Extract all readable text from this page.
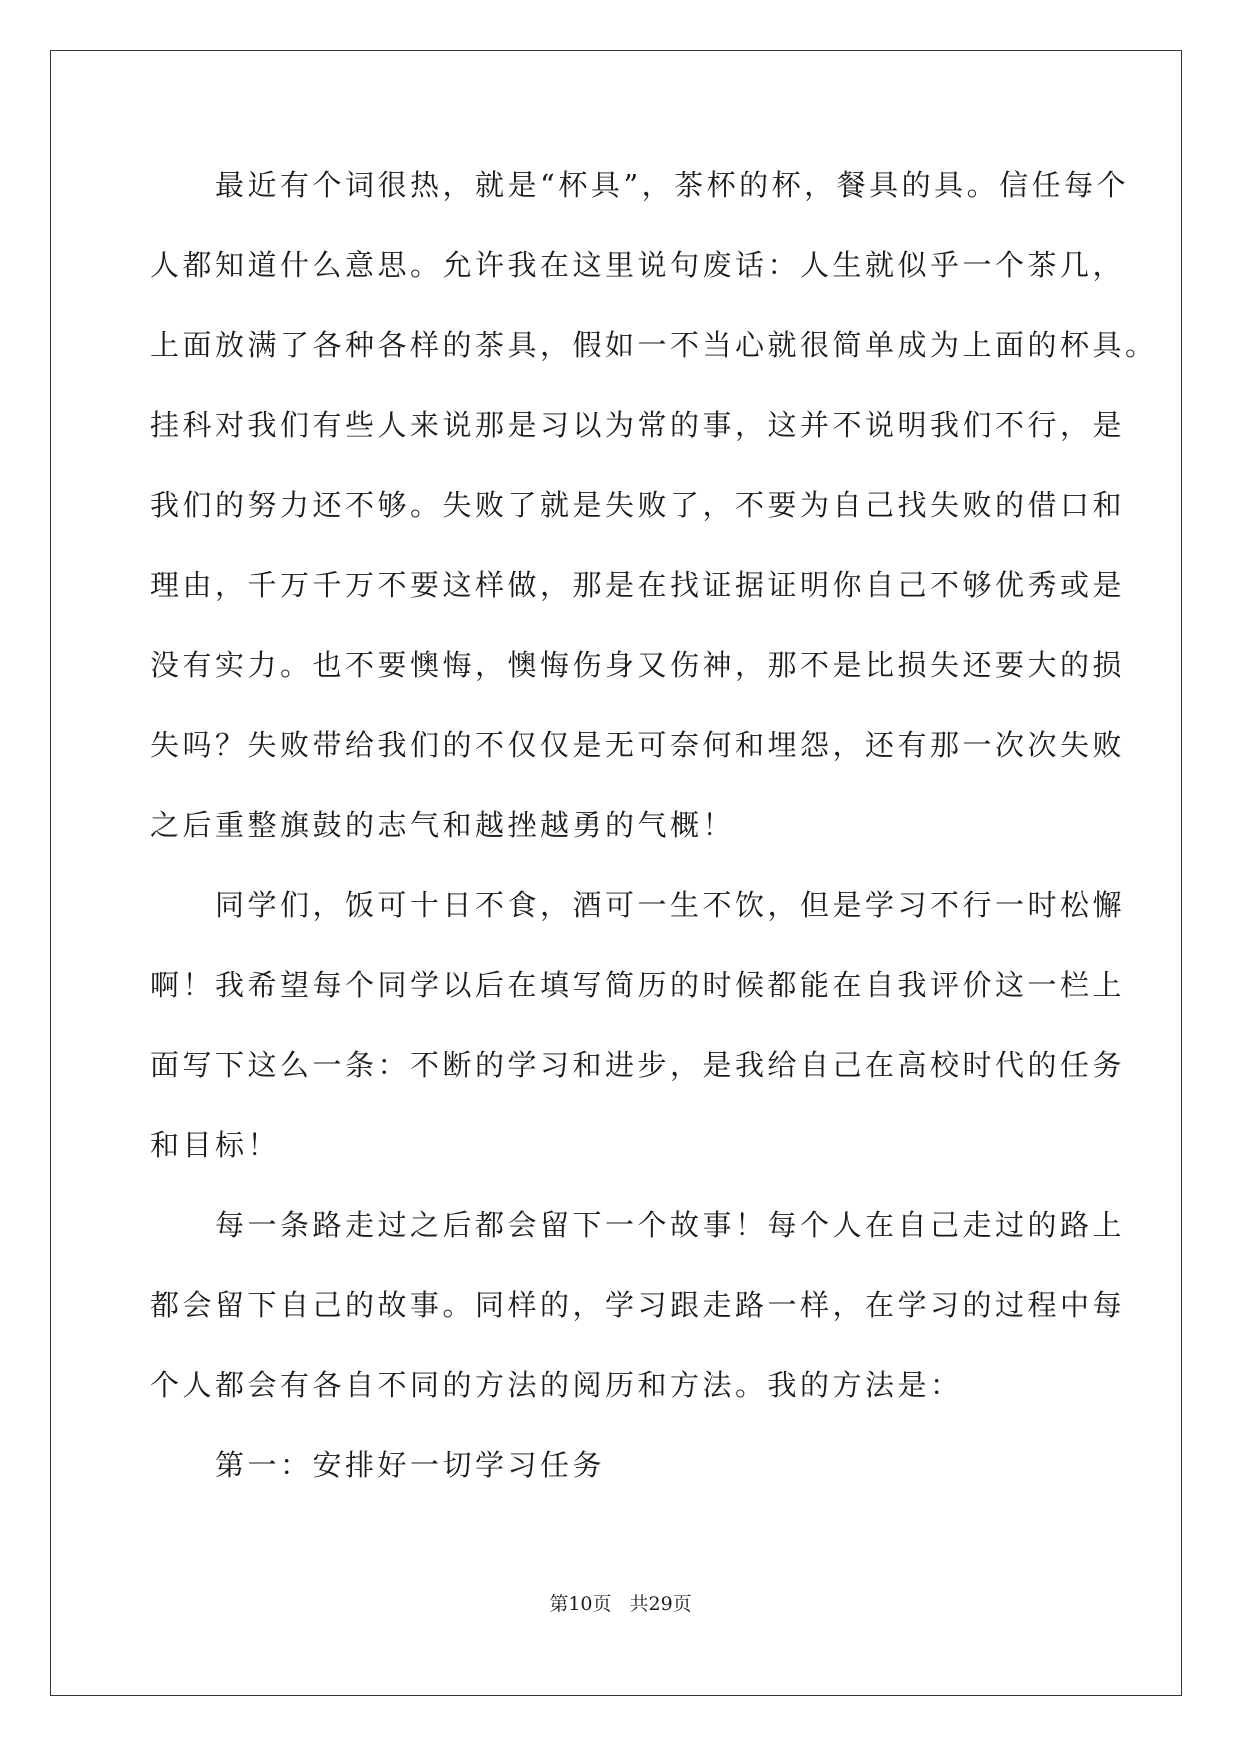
　　最近有个词很热，就是“杯具”，茶杯的杯，餐具的具。信任每个
人都知道什么意思。允许我在这里说句废话：人生就似乎一个茶几，
上面放满了各种各样的茶具，假如一不当心就很简单成为上面的杯具。
挂科对我们有些人来说那是习以为常的事，这并不说明我们不行，是
我们的努力还不够。失败了就是失败了，不要为自己找失败的借口和
理由，千万千万不要这样做，那是在找证据证明你自己不够优秀或是
没有实力。也不要懊悔，懊悔伤身又伤神，那不是比损失还要大的损
失吗？失败带给我们的不仅仅是无可奈何和埋怨，还有那一次次失败
之后重整旗鼓的志气和越挫越勇的气概！
　　同学们，饭可十日不食，酒可一生不饮，但是学习不行一时松懈
啊！我希望每个同学以后在填写简历的时候都能在自我评价这一栏上
面写下这么一条：不断的学习和进步，是我给自己在高校时代的任务
和目标！
　　每一条路走过之后都会留下一个故事！每个人在自己走过的路上
都会留下自己的故事。同样的，学习跟走路一样，在学习的过程中每
个人都会有各自不同的方法的阅历和方法。我的方法是：
　　第一：安排好一切学习任务
第10页 共29页
